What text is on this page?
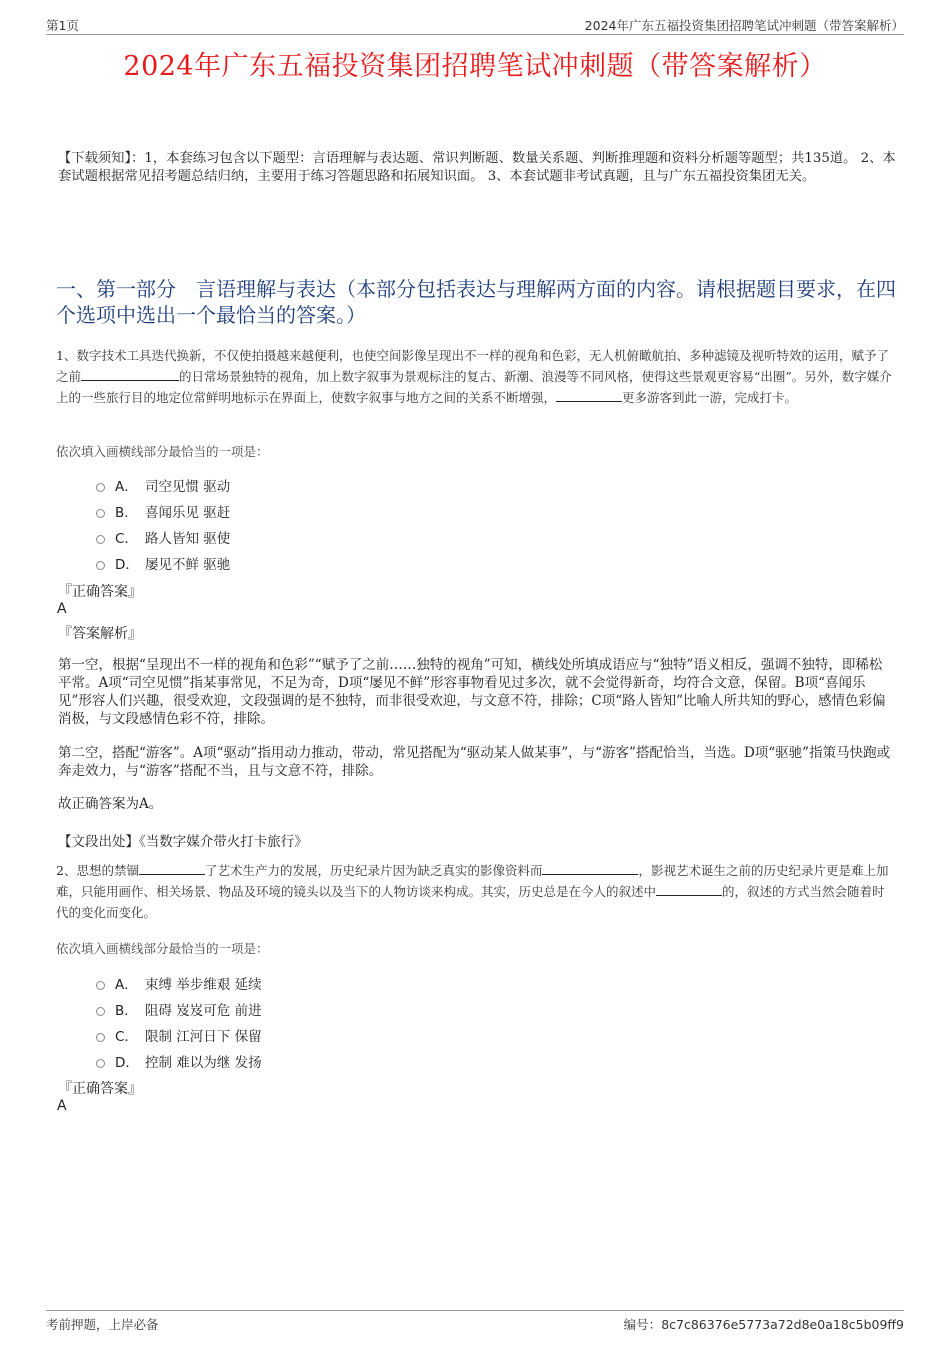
第1页	2024年广东五福投资集团招聘笔试冲刺题（带答案解析）
2024年广东五福投资集团招聘笔试冲刺题（带答案解析）
【下载须知】：1，本套练习包含以下题型：言语理解与表达题、常识判断题、数量关系题、判断推理题和资料分析题等题型；共135道。 2、本套试题根据常见招考题总结归纳，主要用于练习答题思路和拓展知识面。 3、本套试题非考试真题，且与广东五福投资集团无关。
一、第一部分　言语理解与表达（本部分包括表达与理解两方面的内容。请根据题目要求，在四个选项中选出一个最恰当的答案。）
1、数字技术工具迭代换新，不仅使拍摄越来越便利，也使空间影像呈现出不一样的视角和色彩，无人机俯瞰航拍、多种滤镜及视听特效的运用，赋予了之前	的日常场景独特的视角，加上数字叙事为景观标注的复古、新潮、浪漫等不同风格，使得这些景观更容易“出圈”。另外，数字媒介上的一些旅行目的地定位常鲜明地标示在界面上，使数字叙事与地方之间的关系不断增强，	更多游客到此一游，完成打卡。
依次填入画横线部分最恰当的一项是：
A． 司空见惯 驱动
B． 喜闻乐见 驱赶
C． 路人皆知 驱使
D． 屡见不鲜 驱驰
『正确答案』
A
『答案解析』
第一空，根据“呈现出不一样的视角和色彩”“赋予了之前……独特的视角”可知，横线处所填成语应与“独特”语义相反，强调不独特，即稀松平常。A项“司空见惯”指某事常见，不足为奇，D项“屡见不鲜”形容事物看见过多次，就不会觉得新奇，均符合文意，保留。B项“喜闻乐见”形容人们兴趣，很受欢迎，文段强调的是不独特，而非很受欢迎，与文意不符，排除；C项“路人皆知”比喻人所共知的野心，感情色彩偏消极，与文段感情色彩不符，排除。
第二空，搭配“游客”。A项“驱动”指用动力推动，带动，常见搭配为“驱动某人做某事”，与“游客”搭配恰当，当选。D项“驱驰”指策马快跑或奔走效力，与“游客”搭配不当，且与文意不符，排除。
故正确答案为A。
【文段出处】《当数字媒介带火打卡旅行》
2、思想的禁锢	了艺术生产力的发展，历史纪录片因为缺乏真实的影像资料而	，影视艺术诞生之前的历史纪录片更是难上加难，只能用画作、相关场景、物品及环境的镜头以及当下的人物访谈来构成。其实，历史总是在今人的叙述中	的，叙述的方式当然会随着时代的变化而变化。
依次填入画横线部分最恰当的一项是：
A． 束缚 举步维艰 延续
B． 阻碍 岌岌可危 前进
C． 限制 江河日下 保留
D． 控制 难以为继 发扬
『正确答案』
A
考前押题，上岸必备	编号：8c7c86376e5773a72d8e0a18c5b09ff9
